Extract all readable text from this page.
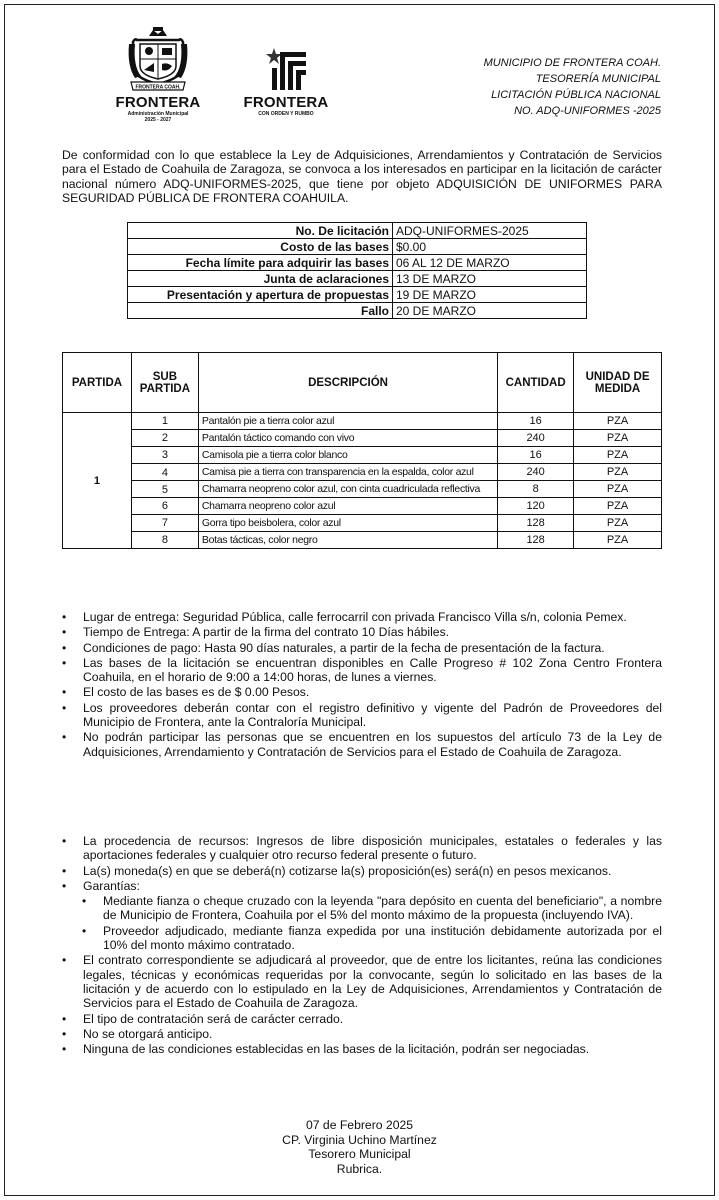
FRONTERA COAH.
FRONTERA
Administración Municipal
2025 - 2027
FRONTERA
CON ORDEN Y RUMBO
MUNICIPIO DE FRONTERA COAH.
TESORERÍA MUNICIPAL
LICITACIÓN PÚBLICA NACIONAL
NO. ADQ-UNIFORMES -2025

De conformidad con lo que establece la Ley de Adquisiciones, Arrendamientos y Contratación de Servicios para el Estado de Coahuila de Zaragoza, se convoca a los interesados en participar en la licitación de carácter nacional número ADQ-UNIFORMES-2025, que tiene por objeto ADQUISICIÓN DE UNIFORMES PARA SEGURIDAD PÚBLICA DE FRONTERA COAHUILA.

No. De licitación	ADQ-UNIFORMES-2025
Costo de las bases	$0.00
Fecha límite para adquirir las bases	06 AL 12 DE MARZO
Junta de aclaraciones	13 DE MARZO
Presentación y apertura de propuestas	19 DE MARZO
Fallo	20 DE MARZO
PARTIDA	SUB PARTIDA	DESCRIPCIÓN	CANTIDAD	UNIDAD DE MEDIDA
1	1	Pantalón pie a tierra color azul	16	PZA
	2	Pantalón táctico comando con vivo	240	PZA
	3	Camisola pie a tierra color blanco	16	PZA
	4	Camisa pie a tierra con transparencia en la espalda, color azul	240	PZA
	5	Chamarra neopreno color azul, con cinta cuadriculada reflectiva	8	PZA
	6	Chamarra neopreno color azul	120	PZA
	7	Gorra tipo beisbolera, color azul	128	PZA
	8	Botas tácticas, color negro	128	PZA
• Lugar de entrega: Seguridad Pública, calle ferrocarril con privada Francisco Villa s/n, colonia Pemex.
• Tiempo de Entrega: A partir de la firma del contrato 10 Días hábiles.
• Condiciones de pago: Hasta 90 días naturales, a partir de la fecha de presentación de la factura.
• Las bases de la licitación se encuentran disponibles en Calle Progreso # 102 Zona Centro Frontera Coahuila, en el horario de 9:00 a 14:00 horas, de lunes a viernes.
• El costo de las bases es de $ 0.00 Pesos.
• Los proveedores deberán contar con el registro definitivo y vigente del Padrón de Proveedores del Municipio de Frontera, ante la Contraloría Municipal.
• No podrán participar las personas que se encuentren en los supuestos del artículo 73 de la Ley de Adquisiciones, Arrendamiento y Contratación de Servicios para el Estado de Coahuila de Zaragoza.
• La procedencia de recursos: Ingresos de libre disposición municipales, estatales o federales y las aportaciones federales y cualquier otro recurso federal presente o futuro.
• La(s) moneda(s) en que se deberá(n) cotizarse la(s) proposición(es) será(n) en pesos mexicanos.
• Garantías:
• Mediante fianza o cheque cruzado con la leyenda "para depósito en cuenta del beneficiario", a nombre de Municipio de Frontera, Coahuila por el 5% del monto máximo de la propuesta (incluyendo IVA).
• Proveedor adjudicado, mediante fianza expedida por una institución debidamente autorizada por el 10% del monto máximo contratado.
• El contrato correspondiente se adjudicará al proveedor, que de entre los licitantes, reúna las condiciones legales, técnicas y económicas requeridas por la convocante, según lo solicitado en las bases de la licitación y de acuerdo con lo estipulado en la Ley de Adquisiciones, Arrendamientos y Contratación de Servicios para el Estado de Coahuila de Zaragoza.
• El tipo de contratación será de carácter cerrado.
• No se otorgará anticipo.
• Ninguna de las condiciones establecidas en las bases de la licitación, podrán ser negociadas.
07 de Febrero 2025
CP. Virginia Uchino Martínez
Tesorero Municipal
Rubrica.
